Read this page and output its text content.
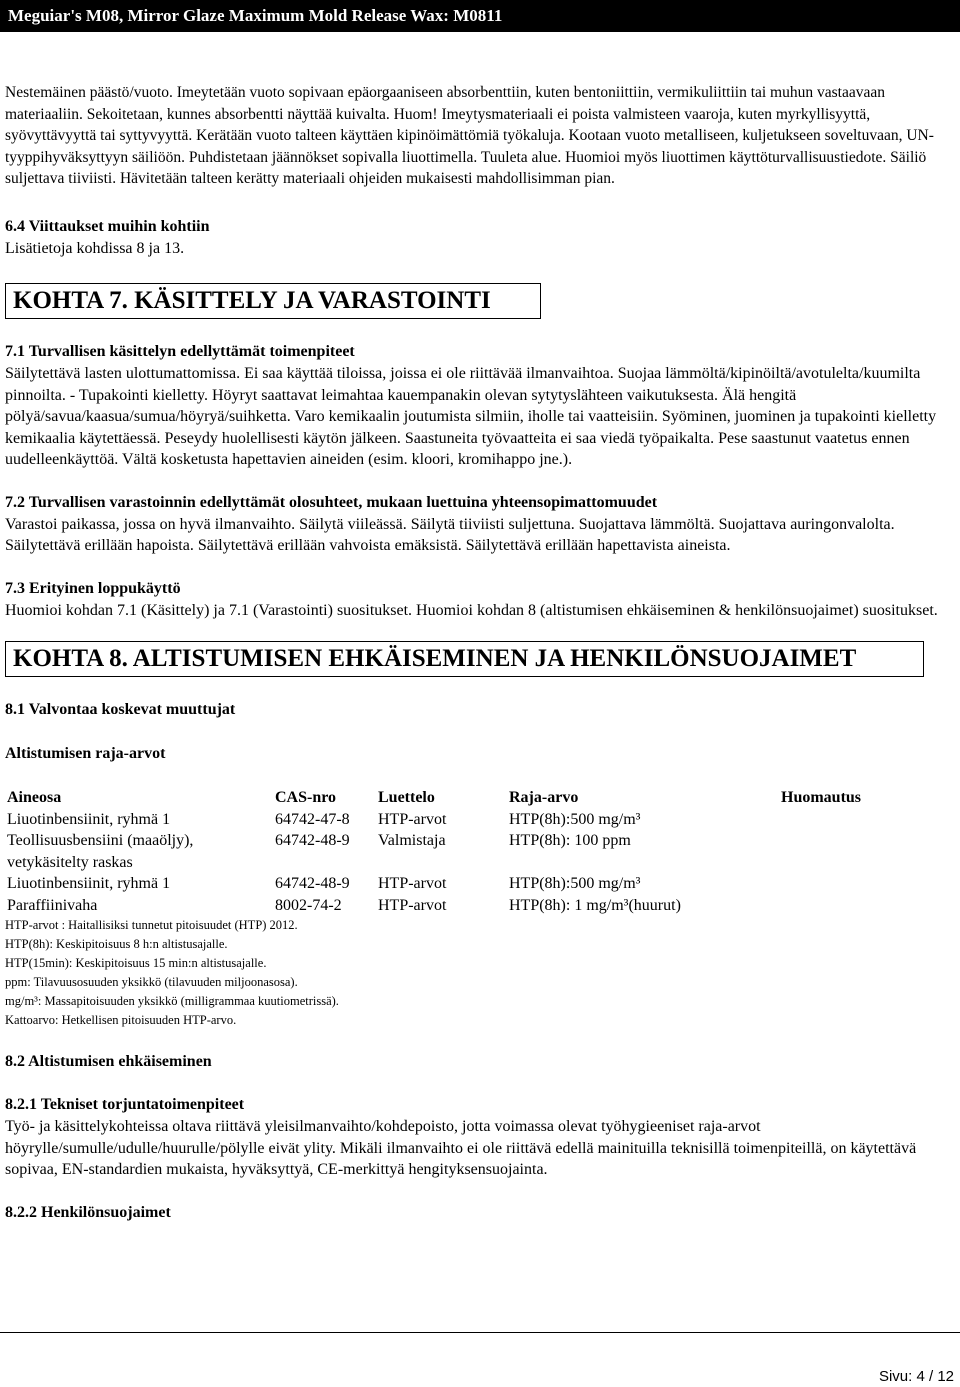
Meguiar's M08, Mirror Glaze Maximum Mold Release Wax: M0811

Nestemäinen päästö/vuoto. Imeytetään vuoto sopivaan epäorgaaniseen absorbenttiin, kuten bentoniittiin, vermikuliittiin tai muhun vastaavaan materiaaliin. Sekoitetaan, kunnes absorbentti näyttää kuivalta. Huom! Imeytysmateriaali ei poista valmisteen vaaroja, kuten myrkyllisyyttä, syövyttävyyttä tai syttyvyyttä. Kerätään vuoto talteen käyttäen kipinöimättömiä työkaluja. Kootaan vuoto metalliseen, kuljetukseen soveltuvaan, UN-tyyppihyväksyttyyn säiliöön. Puhdistetaan jäännökset sopivalla liuottimella. Tuuleta alue. Huomioi myös liuottimen käyttöturvallisuustiedote. Säiliö suljettava tiiviisti. Hävitetään talteen kerätty materiaali ohjeiden mukaisesti mahdollisimman pian.

6.4 Viittaukset muihin kohtiin

Lisätietoja kohdissa 8 ja 13.

KOHTA 7. KÄSITTELY JA VARASTOINTI

7.1 Turvallisen käsittelyn edellyttämät toimenpiteet

Säilytettävä lasten ulottumattomissa. Ei saa käyttää tiloissa, joissa ei ole riittävää ilmanvaihtoa. Suojaa lämmöltä/kipinöiltä/avotulelta/kuumilta pinnoilta. - Tupakointi kielletty. Höyryt saattavat leimahtaa kauempanakin olevan sytytyslähteen vaikutuksesta. Älä hengitä pölyä/savua/kaasua/sumua/höyryä/suihketta. Varo kemikaalin joutumista silmiin, iholle tai vaatteisiin. Syöminen, juominen ja tupakointi kielletty kemikaalia käytettäessä. Peseydy huolellisesti käytön jälkeen. Saastuneita työvaatteita ei saa viedä työpaikalta. Pese saastunut vaatetus ennen uudelleenkäyttöä. Vältä kosketusta hapettavien aineiden (esim. kloori, kromihappo jne.).

7.2 Turvallisen varastoinnin edellyttämät olosuhteet, mukaan luettuina yhteensopimattomuudet

Varastoi paikassa, jossa on hyvä ilmanvaihto. Säilytä viileässä. Säilytä tiiviisti suljettuna. Suojattava lämmöltä. Suojattava auringonvalolta. Säilytettävä erillään hapoista. Säilytettävä erillään vahvoista emäksistä. Säilytettävä erillään hapettavista aineista.

7.3 Erityinen loppukäyttö

Huomioi kohdan 7.1 (Käsittely) ja 7.1 (Varastointi) suositukset. Huomioi kohdan 8 (altistumisen ehkäiseminen & henkilönsuojaimet) suositukset.

KOHTA 8. ALTISTUMISEN EHKÄISEMINEN JA HENKILÖNSUOJAIMET

8.1 Valvontaa koskevat muuttujat

Altistumisen raja-arvot

Aineosa	CAS-nro	Luettelo	Raja-arvo	Huomautus
Liuotinbensiinit, ryhmä 1	64742-47-8	HTP-arvot	HTP(8h):500 mg/m³	
Teollisuusbensiini (maaöljy), vetykäsitelty raskas	64742-48-9	Valmistaja	HTP(8h): 100 ppm	
Liuotinbensiinit, ryhmä 1	64742-48-9	HTP-arvot	HTP(8h):500 mg/m³	
Paraffiinivaha	8002-74-2	HTP-arvot	HTP(8h): 1 mg/m³(huurut)	

HTP-arvot : Haitallisiksi tunnetut pitoisuudet (HTP) 2012.

HTP(8h): Keskipitoisuus 8 h:n altistusajalle.

HTP(15min): Keskipitoisuus 15 min:n altistusajalle.

ppm: Tilavuusosuuden yksikkö (tilavuuden miljoonasosa).

mg/m³: Massapitoisuuden yksikkö (milligrammaa kuutiometrissä).

Kattoarvo: Hetkellisen pitoisuuden HTP-arvo.

8.2 Altistumisen ehkäiseminen

8.2.1 Tekniset torjuntatoimenpiteet

Työ- ja käsittelykohteissa oltava riittävä yleisilmanvaihto/kohdepoisto, jotta voimassa olevat työhygieeniset raja-arvot höyrylle/sumulle/udulle/huurulle/pölylle eivät ylity. Mikäli ilmanvaihto ei ole riittävä edellä mainituilla teknisillä toimenpiteillä, on käytettävä sopivaa, EN-standardien mukaista, hyväksyttyä, CE-merkittyä hengityksensuojainta.

8.2.2 Henkilönsuojaimet

Sivu: 4 / 12
